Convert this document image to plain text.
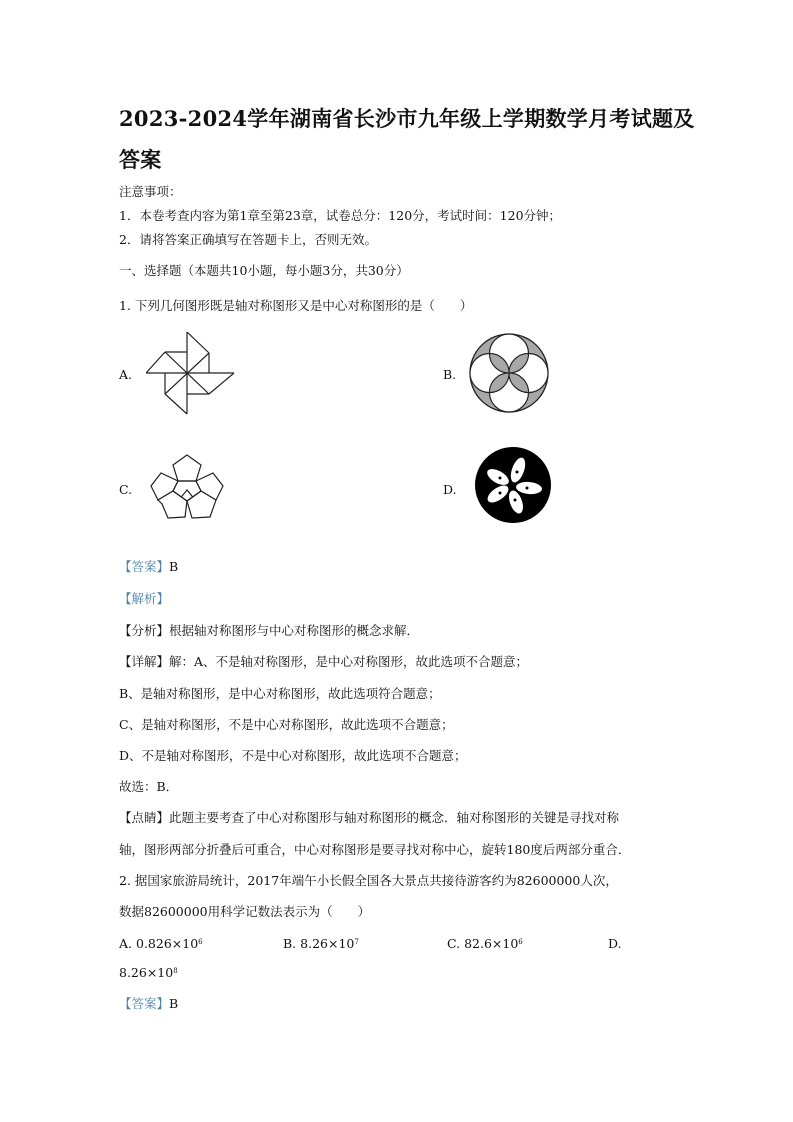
2023-2024学年湖南省长沙市九年级上学期数学月考试题及
答案
注意事项：
1．本卷考查内容为第1章至第23章，试卷总分：120分，考试时间：120分钟；
2．请将答案正确填写在答题卡上，否则无效。
一、选择题（本题共10小题，每小题3分，共30分）
1. 下列几何图形既是轴对称图形又是中心对称图形的是（　　）
A.	B.
C.	D.
【答案】B
【解析】
【分析】根据轴对称图形与中心对称图形的概念求解．
【详解】解：A、不是轴对称图形，是中心对称图形，故此选项不合题意；
B、是轴对称图形，是中心对称图形，故此选项符合题意；
C、是轴对称图形，不是中心对称图形，故此选项不合题意；
D、不是轴对称图形，不是中心对称图形，故此选项不合题意；
故选：B．
【点睛】此题主要考查了中心对称图形与轴对称图形的概念．轴对称图形的关键是寻找对称
轴，图形两部分折叠后可重合，中心对称图形是要寻找对称中心，旋转180度后两部分重合．
2. 据国家旅游局统计，2017年端午小长假全国各大景点共接待游客约为82600000人次，
数据82600000用科学记数法表示为（　　）
A. $0.826\times 10^6$	B. $8.26\times 10^7$	C. $82.6\times 10^6$	D.
$8.26\times 10^8$
【答案】B
